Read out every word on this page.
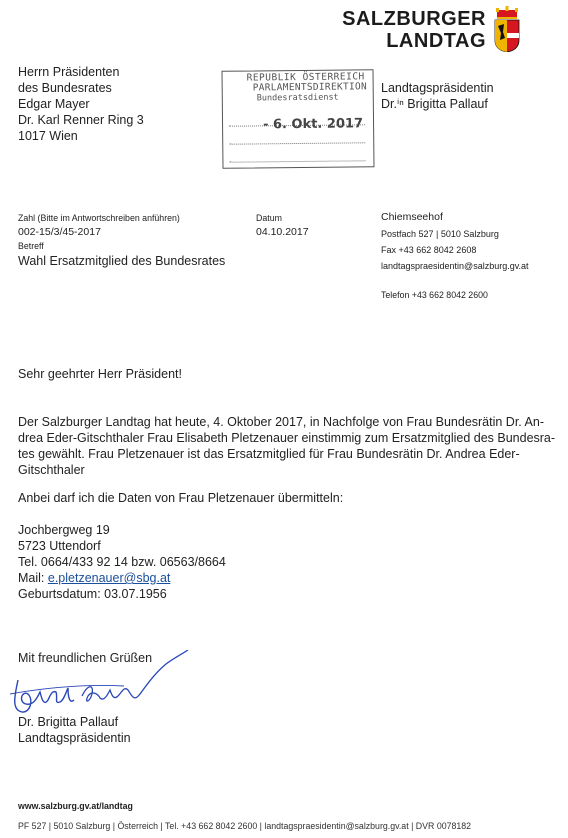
SALZBURGER
LANDTAG
Herrn Präsidenten
des Bundesrates
Edgar Mayer
Dr. Karl Renner Ring 3
1017 Wien
REPUBLIK ÖSTERREICH
PARLAMENTSDIREKTION
Bundesratsdienst
- 6. Okt. 2017
Landtagspräsidentin
Dr.ⁱⁿ Brigitta Pallauf
Zahl (Bitte im Antwortschreiben anführen)
002-15/3/45-2017
Betreff
Wahl Ersatzmitglied des Bundesrates
Datum
04.10.2017
Chiemseehof
Postfach 527 | 5010 Salzburg
Fax +43 662 8042 2608
landtagspraesidentin@salzburg.gv.at
Telefon +43 662 8042 2600
Sehr geehrter Herr Präsident!
Der Salzburger Landtag hat heute, 4. Oktober 2017, in Nachfolge von Frau Bundesrätin Dr. An-
drea Eder-Gitschthaler Frau Elisabeth Pletzenauer einstimmig zum Ersatzmitglied des Bundesra-
tes gewählt. Frau Pletzenauer ist das Ersatzmitglied für Frau Bundesrätin Dr. Andrea Eder-
Gitschthaler
Anbei darf ich die Daten von Frau Pletzenauer übermitteln:
Jochbergweg 19
5723 Uttendorf
Tel. 0664/433 92 14 bzw. 06563/8664
Mail: e.pletzenauer@sbg.at
Geburtsdatum: 03.07.1956
Mit freundlichen Grüßen
Dr. Brigitta Pallauf
Landtagspräsidentin
www.salzburg.gv.at/landtag
PF 527 | 5010 Salzburg | Österreich | Tel. +43 662 8042 2600 | landtagspraesidentin@salzburg.gv.at | DVR 0078182
